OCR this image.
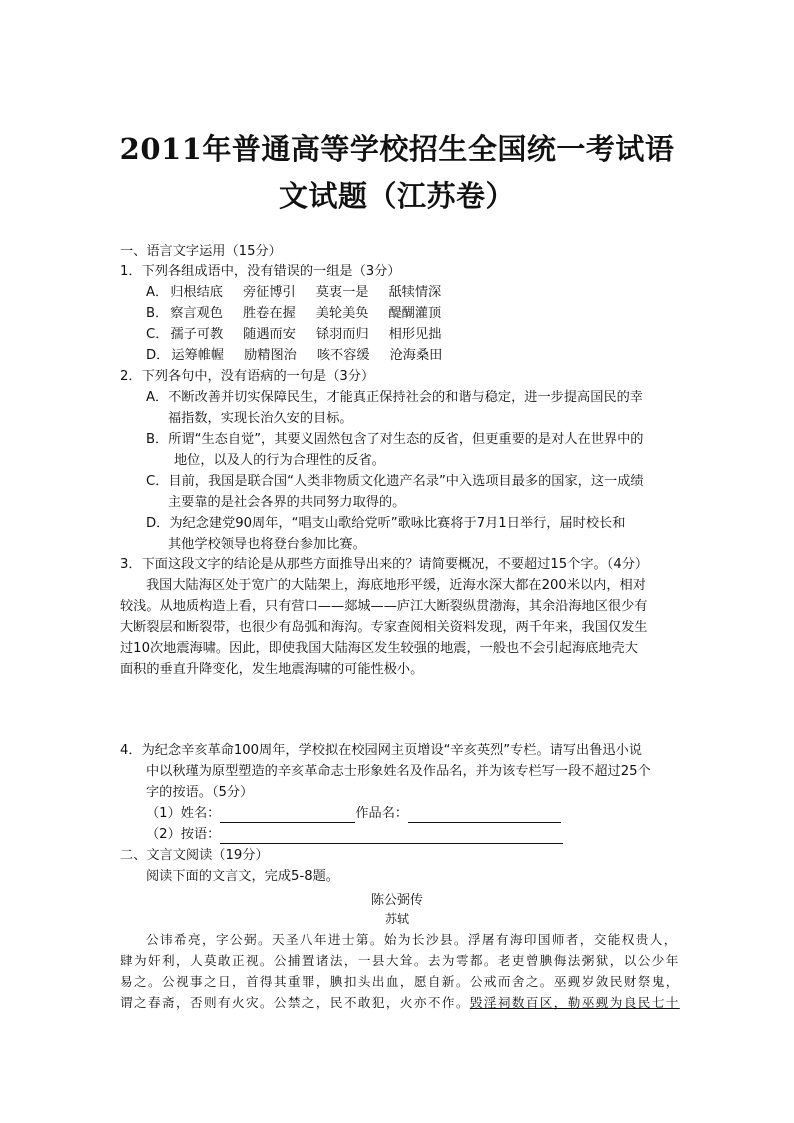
2011年普通高等学校招生全国统一考试语
文试题（江苏卷）
一、语言文字运用（15分）
1．下列各组成语中，没有错误的一组是（3分）
A． 归根结底 旁征博引 莫衷一是 舐犊情深
B． 察言观色 胜卷在握 美轮美奂 醍醐灌顶
C． 孺子可教 随遇而安 铩羽而归 相形见拙
D． 运筹帷幄 励精图治 咳不容缓 沧海桑田
2．下列各句中，没有语病的一句是（3分）
A．不断改善并切实保障民生，才能真正保持社会的和谐与稳定，进一步提高国民的幸
福指数，实现长治久安的目标。
B．所谓“生态自觉”，其要义固然包含了对生态的反省，但更重要的是对人在世界中的
地位，以及人的行为合理性的反省。
C．目前，我国是联合国“人类非物质文化遗产名录”中入选项目最多的国家，这一成绩
主要靠的是社会各界的共同努力取得的。
D．为纪念建党90周年，“唱支山歌给党听”歌咏比赛将于7月1日举行，届时校长和
其他学校领导也将登台参加比赛。
3．下面这段文字的结论是从那些方面推导出来的？请简要概况，不要超过15个字。（4分）
我国大陆海区处于宽广的大陆架上，海底地形平缓，近海水深大都在200米以内，相对
较浅。从地质构造上看，只有营口——郯城——庐江大断裂纵贯渤海，其余沿海地区很少有
大断裂层和断裂带，也很少有岛弧和海沟。专家查阅相关资料发现，两千年来，我国仅发生
过10次地震海啸。因此，即使我国大陆海区发生较强的地震，一般也不会引起海底地壳大
面积的垂直升降变化，发生地震海啸的可能性极小。
4．为纪念辛亥革命100周年，学校拟在校园网主页增设“辛亥英烈”专栏。请写出鲁迅小说
中以秋瑾为原型塑造的辛亥革命志士形象姓名及作品名，并为该专栏写一段不超过25个
字的按语。（5分）
（1）姓名：	作品名：
（2）按语：
二、文言文阅读（19分）
阅读下面的文言文，完成5-8题。
陈公弼传
苏轼
公讳希亮，字公弼。天圣八年进士第。始为长沙县。浮屠有海印国师者，交能权贵人，
肆为奸利，人莫敢正视。公捕置诸法，一县大耸。去为雩都。老吏曾腆侮法粥狱，以公少年
易之。公视事之日，首得其重罪，腆扣头出血，愿自新。公戒而舍之。巫觋岁敛民财祭鬼，
谓之春斋，否则有火灾。公禁之，民不敢犯，火亦不作。毁淫祠数百区，勒巫觋为良民七十
